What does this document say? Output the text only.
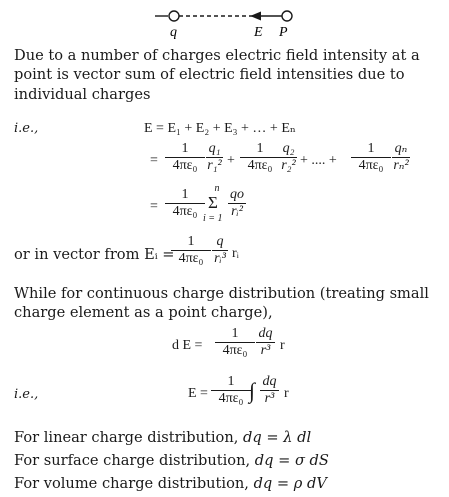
q	E P
Due to a number of charges electric field intensity at a
point is vector sum of electric field intensities due to
individual charges
i.e.,	E = E₁ + E₂ + E₃ + … + Eₙ
=
1
4πε₀
q₁
r₁² +
1
4πε₀
q₂
r₂² + .... +
1
4πε₀
qₙ
rₙ²
=
1
4πε₀
n
Σ
i = 1
qo
rᵢ²
or in vector from Eᵢ =
1
4πε₀
q
rᵢ³ rᵢ
While for continuous charge distribution (treating small
charge element as a point charge),
d E =
1
4πε₀
dq
r³ r
i.e.,	E =
1
4πε₀ ∫ dq
r³ r
For linear charge distribution, dq = λ dl
For surface charge distribution, dq = σ dS
For volume charge distribution, dq = ρ dV
